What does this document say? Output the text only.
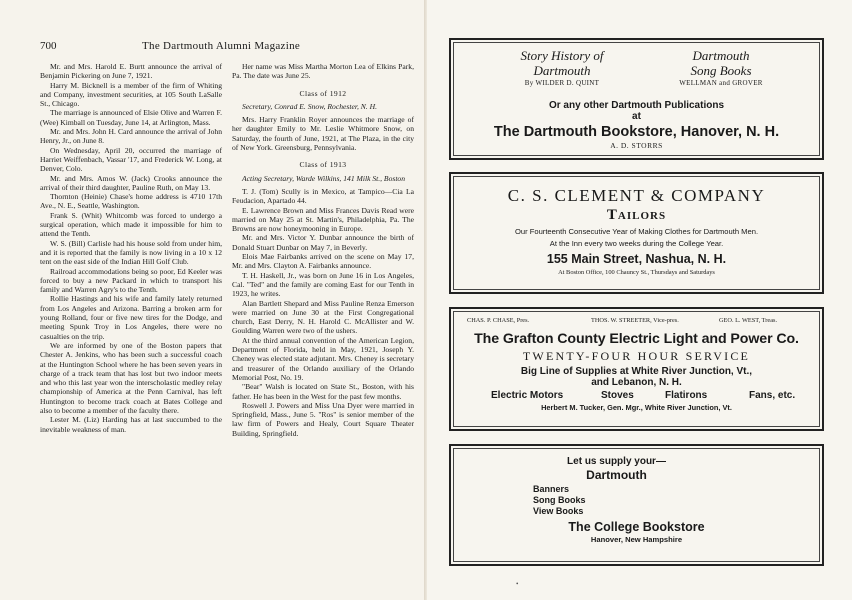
700	The Dartmouth Alumni Magazine

Mr. and Mrs. Harold E. Burtt announce the arrival of Benjamin Pickering on June 7, 1921.

Harry M. Bicknell is a member of the firm of Whiting and Company, investment securities, at 105 South LaSalle St., Chicago.

The marriage is announced of Elsie Olive and Warren F. (Wee) Kimball on Tuesday, June 14, at Arlington, Mass.

Mr. and Mrs. John H. Card announce the arrival of John Henry, Jr., on June 8.

On Wednesday, April 20, occurred the marriage of Harriet Weiffenbach, Vassar '17, and Frederick W. Long, at Denver, Colo.

Mr. and Mrs. Amos W. (Jack) Crooks announce the arrival of their third daughter, Pauline Ruth, on May 13.

Thornton (Heinie) Chase's home address is 4710 17th Ave., N. E., Seattle, Washington.

Frank S. (Whit) Whitcomb was forced to undergo a surgical operation, which made it impossible for him to attend the Tenth.

W. S. (Bill) Carlisle had his house sold from under him, and it is reported that the family is now living in a 10 x 12 tent on the east side of the Indian Hill Golf Club.

Railroad accommodations being so poor, Ed Keeler was forced to buy a new Packard in which to transport his family and Warren Agry's to the Tenth.

Rollie Hastings and his wife and family lately returned from Los Angeles and Arizona. Barring a broken arm for young Rolland, four or five new tires for the Dodge, and meeting Spunk Troy in Los Angeles, there were no casualties on the trip.

We are informed by one of the Boston papers that Chester A. Jenkins, who has been such a successful coach at the Huntington School where he has been seven years in charge of a track team that has lost but two indoor meets and who this last year won the interscholastic medley relay championship of America at the Penn Carnival, has left Huntington to become track coach at Bates College and also to become a member of the faculty there.

Lester M. (Liz) Harding has at last succumbed to the inevitable weakness of man.

Her name was Miss Martha Morton Lea of Elkins Park, Pa. The date was June 25.

Class of 1912

Secretary, Conrad E. Snow, Rochester, N. H.

Mrs. Harry Franklin Royer announces the marriage of her daughter Emily to Mr. Leslie Whitmore Snow, on Saturday, the fourth of June, 1921, at The Plaza, in the city of New York. Greensburg, Pennsylvania.

Class of 1913

Acting Secretary, Warde Wilkins, 141 Milk St., Boston

T. J. (Tom) Scully is in Mexico, at Tampico—Cia La Feudacion, Apartado 44.

E. Lawrence Brown and Miss Frances Davis Read were married on May 25 at St. Martin's, Philadelphia, Pa. The Browns are now honeymooning in Europe.

Mr. and Mrs. Victor Y. Dunbar announce the birth of Donald Stuart Dunbar on May 7, in Beverly.

Elois Mae Fairbanks arrived on the scene on May 17, Mr. and Mrs. Clayton A. Fairbanks announce.

T. H. Haskell, Jr., was born on June 16 in Los Angeles, Cal. "Ted" and the family are coming East for our Tenth in 1923, he writes.

Alan Bartlett Shepard and Miss Pauline Renza Emerson were married on June 30 at the First Congregational church, East Derry, N. H. Harold C. McAllister and W. Goulding Warren were two of the ushers.

At the third annual convention of the American Legion, Department of Florida, held in May, 1921, Joseph Y. Cheney was elected state adjutant. Mrs. Cheney is secretary and treasurer of the Orlando auxiliary of the Orlando Memorial Post, No. 19.

"Bear" Walsh is located on State St., Boston, with his father. He has been in the West for the past few months.

Roswell J. Powers and Miss Una Dyer were married in Springfield, Mass., June 5. "Ros" is senior member of the law firm of Powers and Healy, Court Square Theater Building, Springfield.

Story History of
Dartmouth
By WILDER D. QUINT
Dartmouth
Song Books
WELLMAN and GROVER
Or any other Dartmouth Publications
at
The Dartmouth Bookstore, Hanover, N. H.
A. D. STORRS
C. S. CLEMENT & COMPANY
Tailors
Our Fourteenth Consecutive Year of Making Clothes for Dartmouth Men.
At the Inn every two weeks during the College Year.
155 Main Street, Nashua, N. H.
At Boston Office, 100 Chauncy St., Thursdays and Saturdays
CHAS. P. CHASE, Pres.	THOS. W. STREETER, Vice-pres.	GEO. L. WEST, Treas.
The Grafton County Electric Light and Power Co.
TWENTY-FOUR HOUR SERVICE
Big Line of Supplies at White River Junction, Vt.,
and Lebanon, N. H.
Electric Motors	Stoves	Flatirons	Fans, etc.
Herbert M. Tucker, Gen. Mgr., White River Junction, Vt.
Let us supply your—
Dartmouth
Banners
Song Books
View Books
The College Bookstore
Hanover, New Hampshire
•
